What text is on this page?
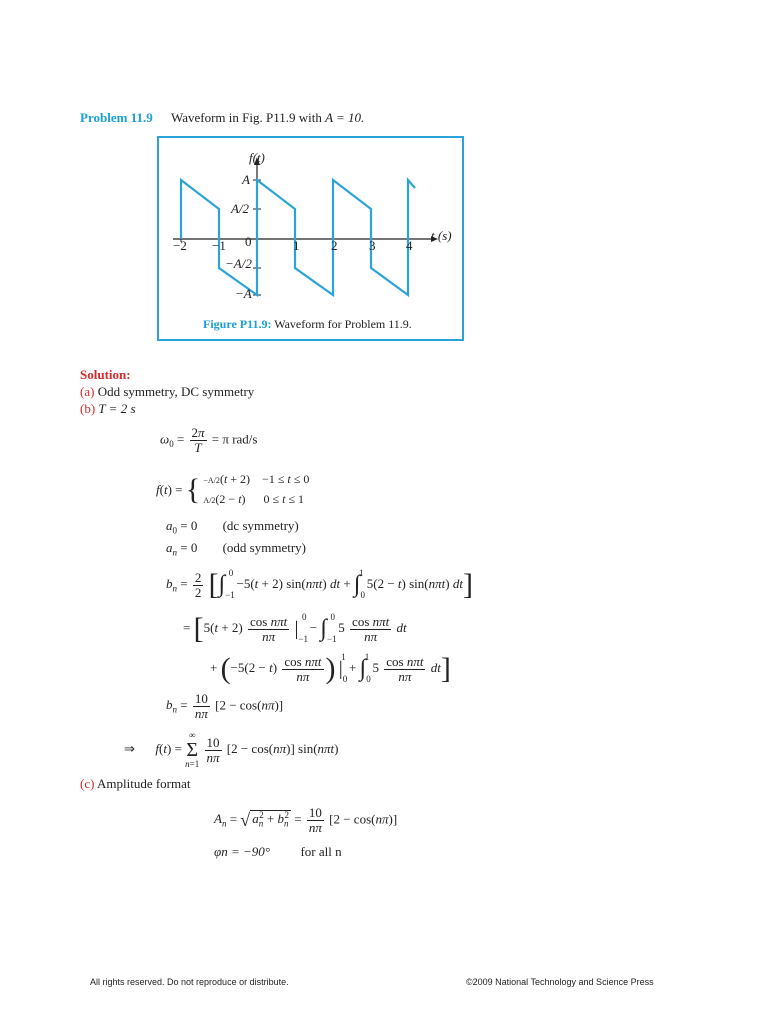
Problem 11.9 Waveform in Fig. P11.9 with A = 10.
f(t)
t (s)
A
A/2
0
−A/2
−A
−2 −1	1 2 3 4
Figure P11.9: Waveform for Problem 11.9.
Solution:
(a) Odd symmetry, DC symmetry
(b) T = 2 s
$\omega_0 = \frac{2\pi}{T} = \pi$ rad/s
f(t) = { −A/2(t + 2)    −1 ≤ t ≤ 0
A/2(2 − t)      0 ≤ t ≤ 1
$a_0 = 0$ (dc symmetry)
$a_n = 0$ (odd symmetry)
$b_n = \frac{2}{2} [\int_{-1}^0 -5(t + 2)$ sin(nπt) dt + $\int_0^1$ 5(2 − t) sin(nπt) dt]
= [$5(t + 2) \frac{\text{cos nπt}}{n\pi} |_{-1}^0 - \int_{-1}^0$ $5 \frac{\text{cos nπt}}{n\pi}$ dt
+ ($-5(2 - t) \frac{\text{cos nπt}}{n\pi}$ ) $|_0^1 + \int_0^1$ $5 \frac{\text{cos nπt}}{n\pi} dt$]
$b_n = \frac{10}{n\pi} [2 - \cos(n\pi)]$
⇒  f(t) =
∞
Σ
n=1
$\frac{10}{n\pi} [2 - \cos(n\pi)]$ sin(nπt)
(c) Amplitude format
$A_n$ = √ $a_n^2 + b_n^2 = \frac{10}{n\pi} [2 - \cos(n\pi)]$
φn = −90° for all n
All rights reserved. Do not reproduce or distribute.	©2009 National Technology and Science Press
